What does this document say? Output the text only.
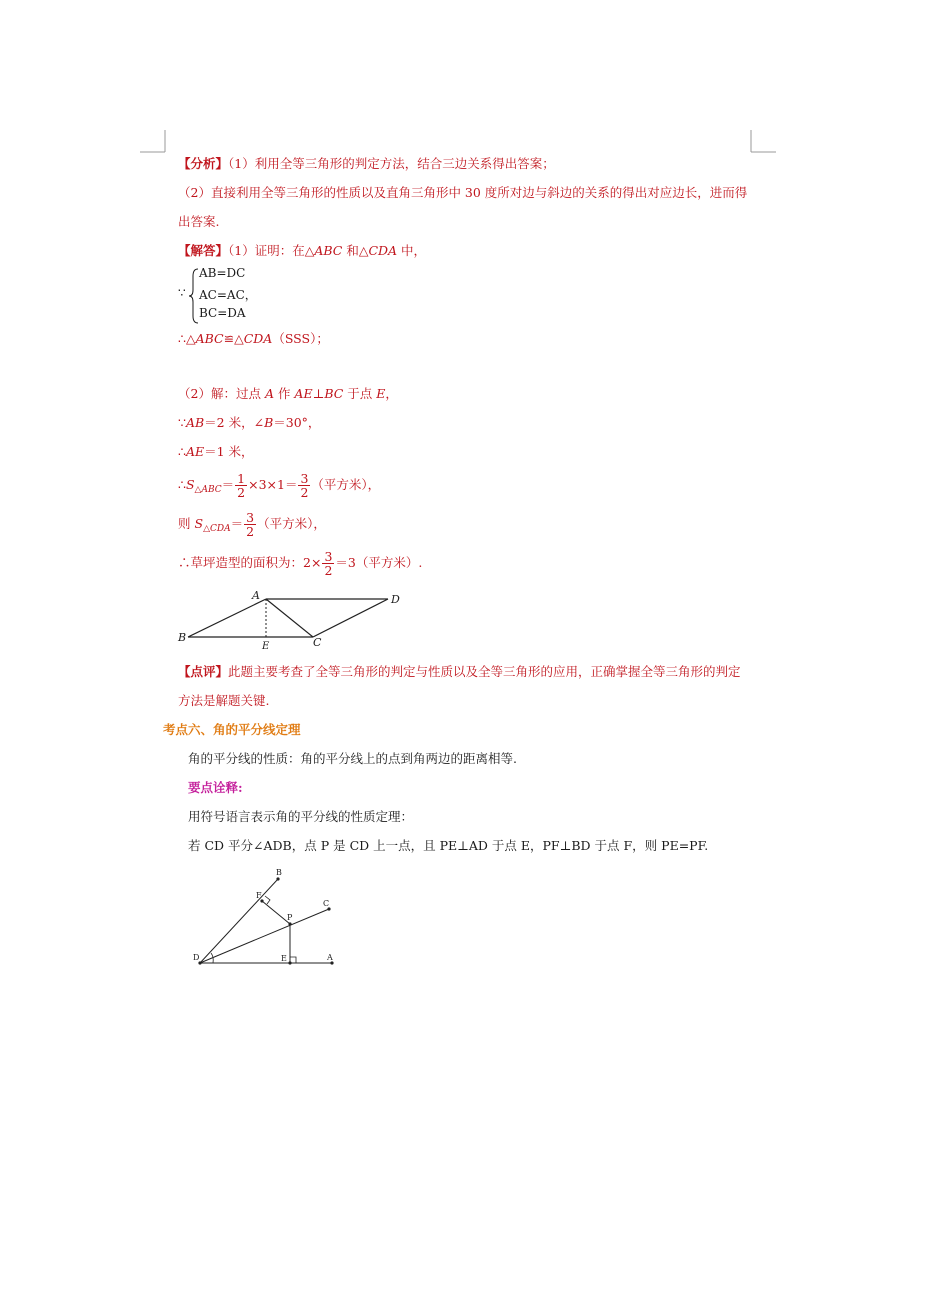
【分析】（1）利用全等三角形的判定方法，结合三边关系得出答案；
（2）直接利用全等三角形的性质以及直角三角形中 30 度所对边与斜边的关系的得出对应边长，进而得
出答案.
【解答】（1）证明：在△ABC 和△CDA 中，
∵
AB=DC
AC=AC，
BC=DA
∴△ABC≌△CDA（SSS）；
（2）解：过点 A 作 AE⊥BC 于点 E，
∵AB＝2 米，∠B＝30°，
∴AE＝1 米，
$\therefore S_{\triangle ABC}= \frac{1}{2} \times 3\times 1= \frac{3}{2}$ （平方米），
则 $S_{\triangle CDA}= \frac{3}{2}$ （平方米），
∴草坪造型的面积为：$2\times \frac{3}{2} =3$（平方米）.
A	D
B
E	C
【点评】此题主要考查了全等三角形的判定与性质以及全等三角形的应用，正确掌握全等三角形的判定
方法是解题关键.
考点六、角的平分线定理
角的平分线的性质：角的平分线上的点到角两边的距离相等.
要点诠释:
用符号语言表示角的平分线的性质定理：
若 CD 平分∠ADB，点 P 是 CD 上一点，且 PE⊥AD 于点 E，PF⊥BD 于点 F，则 PE=PF.
B
F
C
P
D	E	A
